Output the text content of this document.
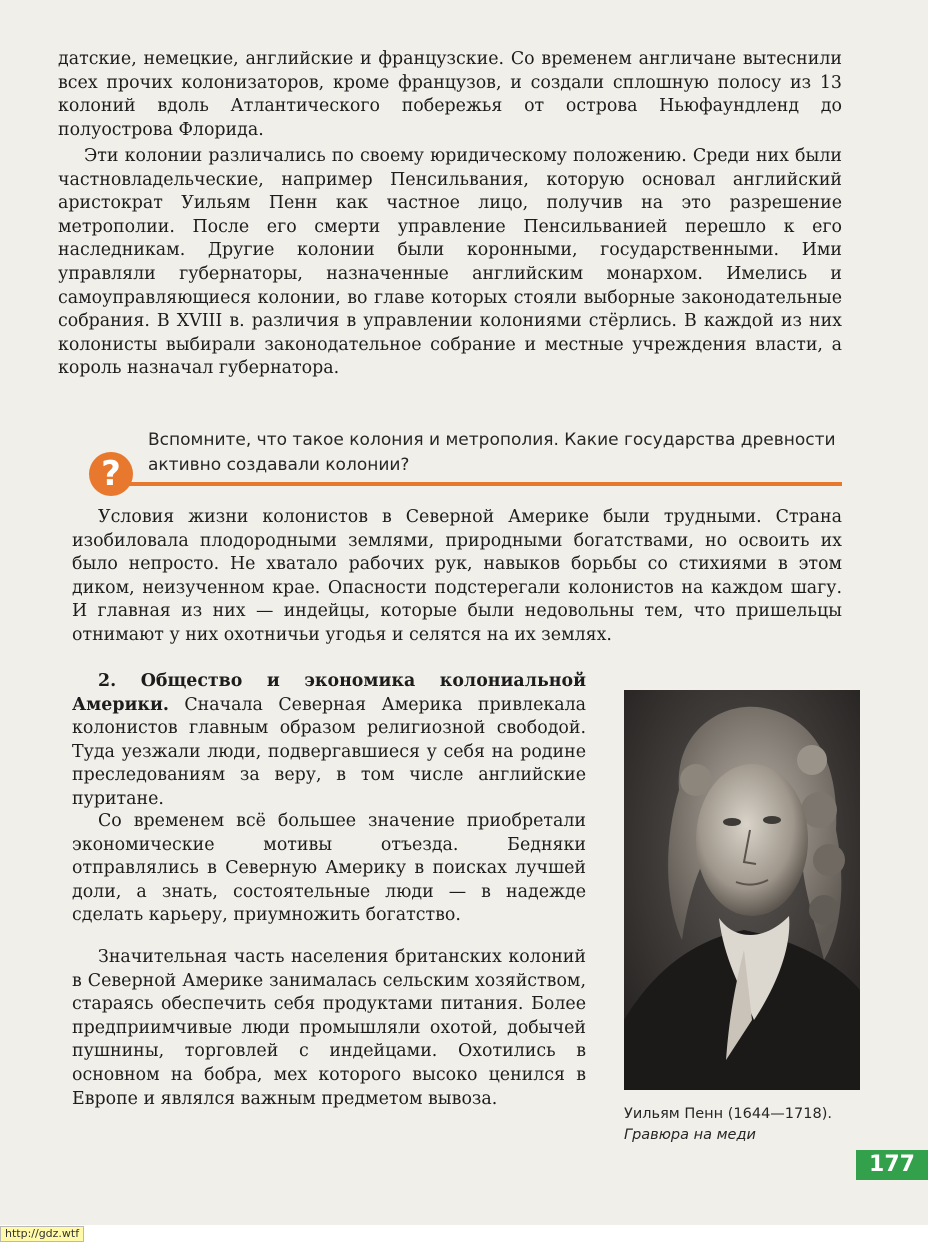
датские, немецкие, английские и французские. Со временем англичане вытеснили всех прочих колонизаторов, кроме французов, и создали сплошную полосу из 13 колоний вдоль Атлантического побережья от острова Ньюфаундленд до полуострова Флорида.

Эти колонии различались по своему юридическому положению. Среди них были частновладельческие, например Пенсильвания, которую основал английский аристократ Уильям Пенн как частное лицо, получив на это разрешение метрополии. После его смерти управление Пенсильванией перешло к его наследникам. Другие колонии были коронными, государственными. Ими управляли губернаторы, назначенные английским монархом. Имелись и самоуправляющиеся колонии, во главе которых стояли выборные законодательные собрания. В XVIII в. различия в управлении колониями стёрлись. В каждой из них колонисты выбирали законодательное собрание и местные учреждения власти, а король назначал губернатора.

?

Вспомните, что такое колония и метрополия. Какие государства древности активно создавали колонии?

Условия жизни колонистов в Северной Америке были трудными. Страна изобиловала плодородными землями, природными богатствами, но освоить их было непросто. Не хватало рабочих рук, навыков борьбы со стихиями в этом диком, неизученном крае. Опасности подстерегали колонистов на каждом шагу. И главная из них — индейцы, которые были недовольны тем, что пришельцы отнимают у них охотничьи угодья и селятся на их землях.

2. Общество и экономика колониальной Америки. Сначала Северная Америка привлекала колонистов главным образом религиозной свободой. Туда уезжали люди, подвергавшиеся у себя на родине преследованиям за веру, в том числе английские пуритане.

Со временем всё большее значение приобретали экономические мотивы отъезда. Бедняки отправлялись в Северную Америку в поисках лучшей доли, а знать, состоятельные люди — в надежде сделать карьеру, приумножить богатство.

Значительная часть населения британских колоний в Северной Америке занималась сельским хозяйством, стараясь обеспечить себя продуктами питания. Более предприимчивые люди промышляли охотой, добычей пушнины, торговлей с индейцами. Охотились в основном на бобра, мех которого высоко ценился в Европе и являлся важным предметом вывоза.

Уильям Пенн (1644—1718). Гравюра на меди

177
http://gdz.wtf
